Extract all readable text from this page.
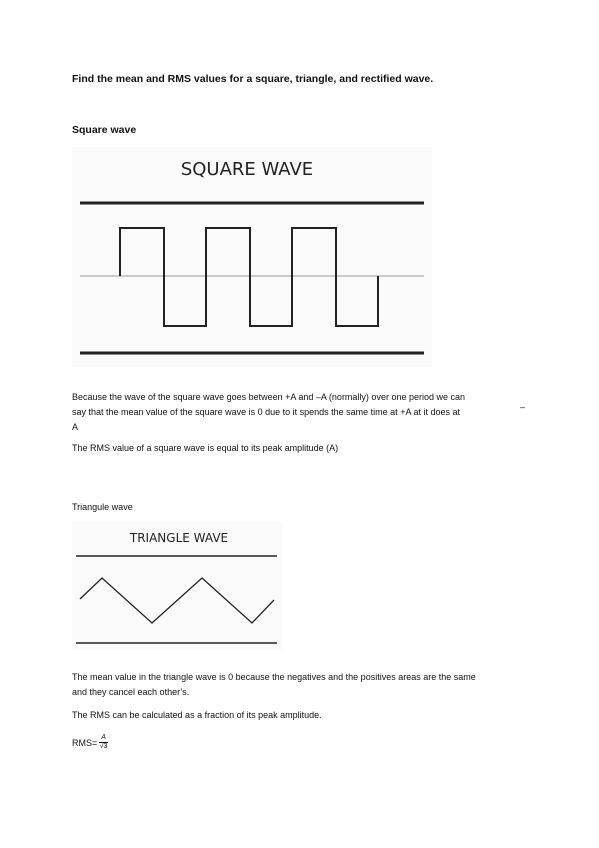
Find the mean and RMS values for a square, triangle, and rectified wave.
Square wave
SQUARE WAVE
Because the wave of the square wave goes between +A and –A (normally) over one period we can
say that the mean value of the square wave is 0 due to it spends the same time at +A at it does at
A
–
The RMS value of a square wave is equal to its peak amplitude (A)
Triangule wave
TRIANGLE WAVE
The mean value in the triangle wave is 0 because the negatives and the positives areas are the same
and they cancel each other’s.
The RMS can be calculated as a fraction of its peak amplitude.
$RMS= \frac{A}{√3}$
